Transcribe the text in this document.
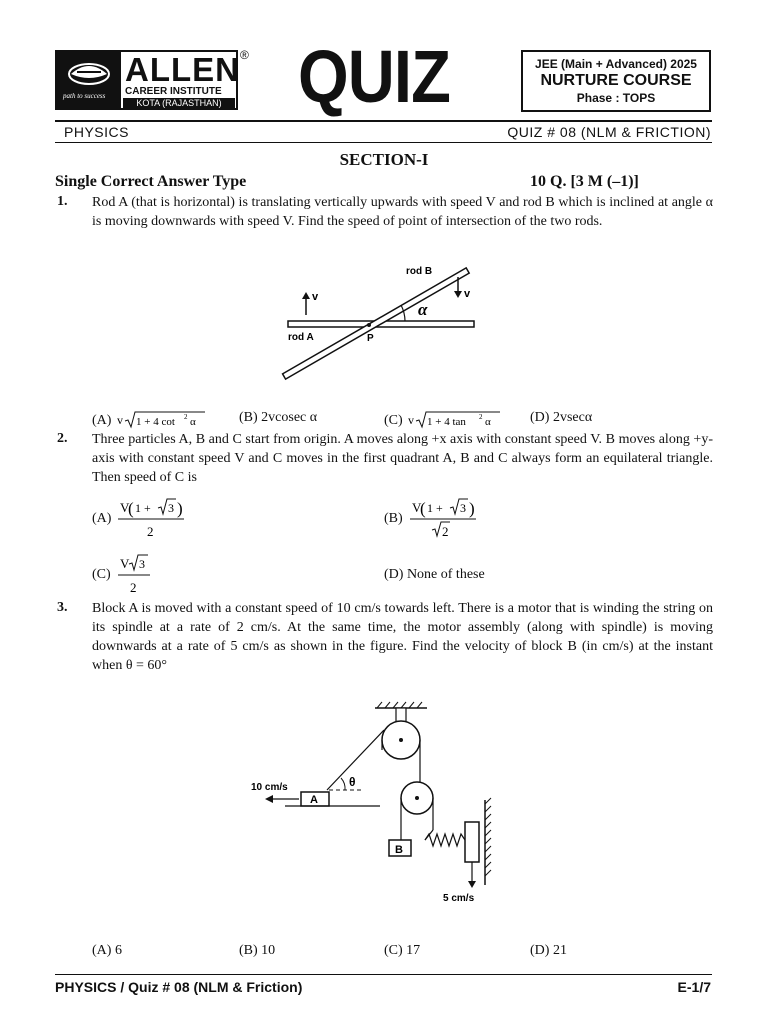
path to success
ALLEN
CAREER INSTITUTE
KOTA (RAJASTHAN)
® QUIZ	JEE (Main + Advanced) 2025
NURTURE COURSE
Phase : TOPS
PHYSICS	QUIZ # 08 (NLM & FRICTION)
SECTION-I
Single Correct Answer Type	10 Q. [3 M (–1)]
1. Rod A (that is horizontal) is translating vertically upwards with speed V and rod B which is inclined at angle α is moving downwards with speed V. Find the speed of point of intersection of the two rods.
v	v
rod B
rod A	P
α
(A) v 1 + 4 cot 2 α	(B) 2vcosec α	(C) v 1 + 4 tan 2 α	(D) 2vsecα
2. Three particles A, B and C start from origin. A moves along +x axis with constant speed V. B moves along +y-axis with constant speed V and C moves in the first quadrant A, B and C always form an equilateral triangle. Then speed of C is
(A)
V
( 1 + 3 )
2
(B)
V
( 1 + 3 )
2
(C)
V 3
2
(D) None of these
3. Block A is moved with a constant speed of 10 cm/s towards left. There is a motor that is winding the string on its spindle at a rate of 2 cm/s. At the same time, the motor assembly (along with spindle) is moving downwards at a rate of 5 cm/s as shown in the figure. Find the velocity of block B (in cm/s) at the instant when θ = 60°
B
5 cm/s
A
θ
10 cm/s
(A) 6	(B) 10	(C) 17	(D) 21
PHYSICS / Quiz # 08 (NLM & Friction)	E-1/7
